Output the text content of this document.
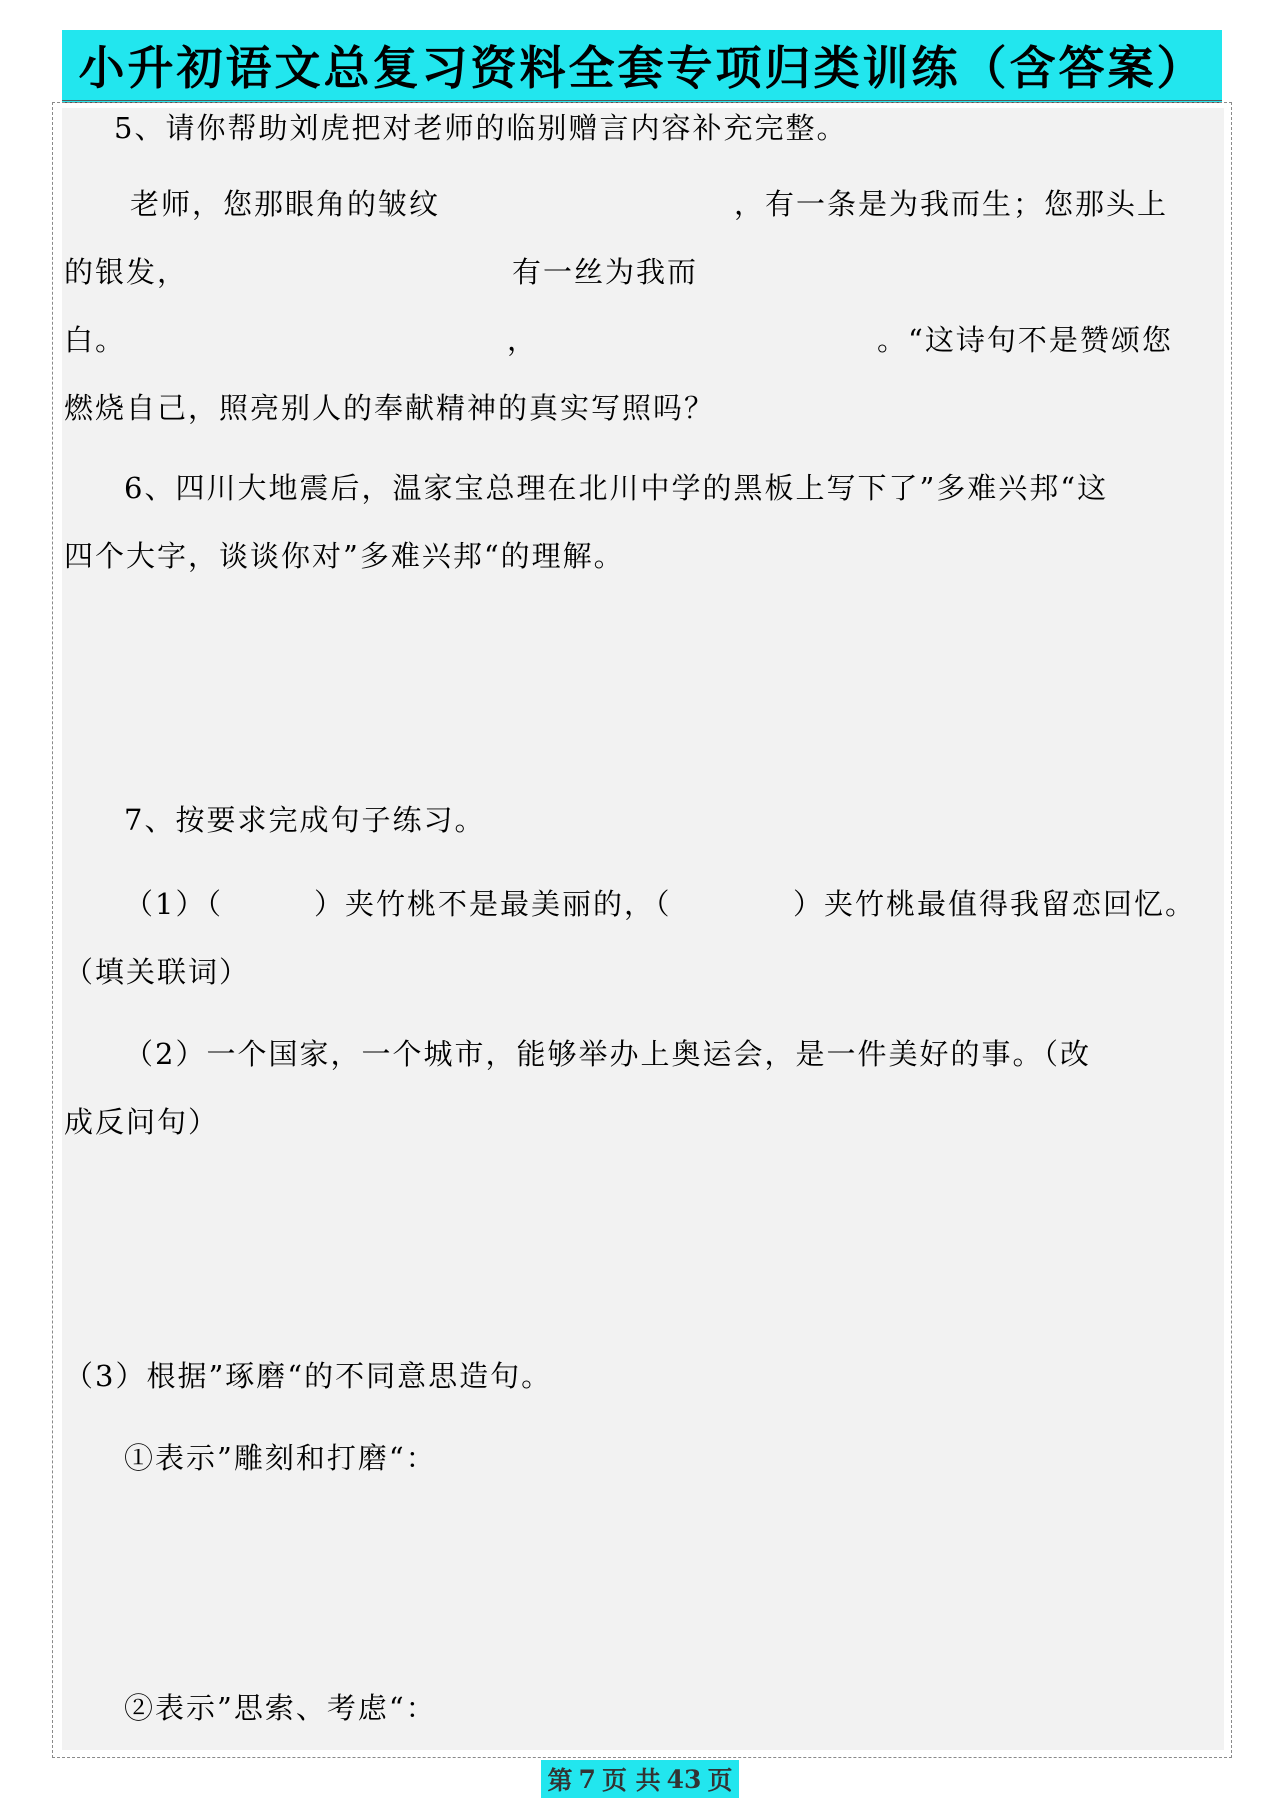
小升初语文总复习资料全套专项归类训练（含答案）
5、请你帮助刘虎把对老师的临别赠言内容补充完整。
老师，您那眼角的皱纹	，有一条是为我而生；您那头上
的银发，	有一丝为我而
白。	，	。“这诗句不是赞颂您
燃烧自己，照亮别人的奉献精神的真实写照吗？
6、四川大地震后，温家宝总理在北川中学的黑板上写下了”多难兴邦“这
四个大字，谈谈你对”多难兴邦“的理解。
7、按要求完成句子练习。
（1）（	）夹竹桃不是最美丽的，（	）夹竹桃最值得我留恋回忆。
（填关联词）
（2）一个国家，一个城市，能够举办上奥运会，是一件美好的事。（改
成反问句）
（3）根据”琢磨“的不同意思造句。
①表示”雕刻和打磨“：
②表示”思索、考虑“：
第 7 页 共 43 页
